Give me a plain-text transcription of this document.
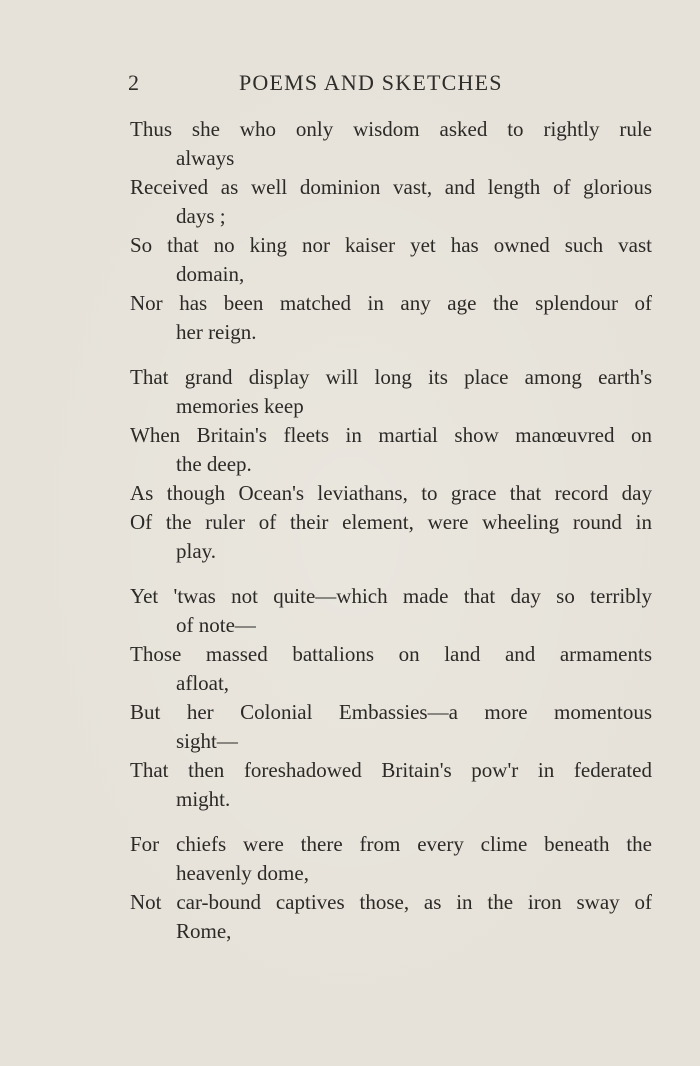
2	POEMS AND SKETCHES
Thus she who only wisdom asked to rightly rule
always
Received as well dominion vast, and length of glorious
days ;
So that no king nor kaiser yet has owned such vast
domain,
Nor has been matched in any age the splendour of
her reign.
That grand display will long its place among earth's
memories keep
When Britain's fleets in martial show manœuvred on
the deep.
As though Ocean's leviathans, to grace that record day
Of the ruler of their element, were wheeling round in
play.
Yet 'twas not quite—which made that day so terribly
of note—
Those massed battalions on land and armaments
afloat,
But her Colonial Embassies—a more momentous
sight—
That then foreshadowed Britain's pow'r in federated
might.
For chiefs were there from every clime beneath the
heavenly dome,
Not car-bound captives those, as in the iron sway of
Rome,
